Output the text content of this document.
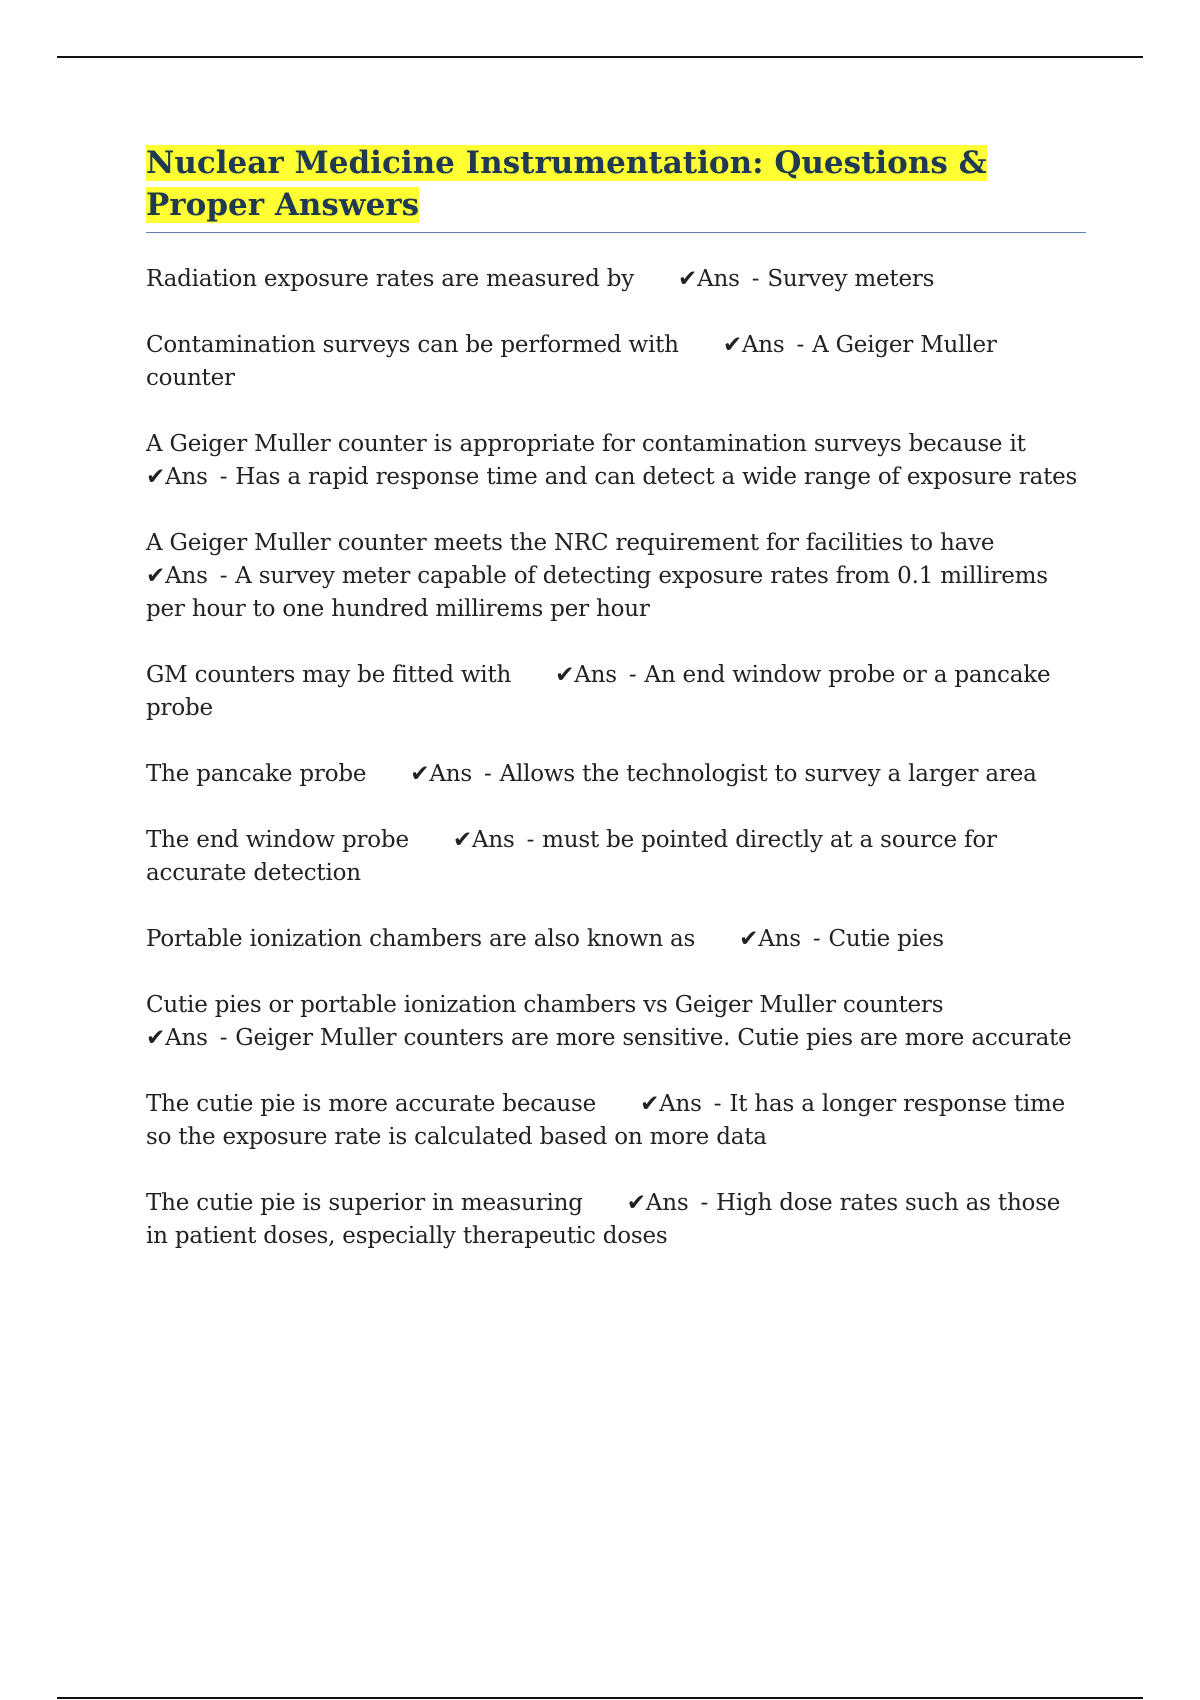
Nuclear Medicine Instrumentation: Questions & Proper Answers

Radiation exposure rates are measured by ✔Ans - Survey meters

Contamination surveys can be performed with ✔Ans - A Geiger Muller counter

A Geiger Muller counter is appropriate for contamination surveys because it
✔Ans - Has a rapid response time and can detect a wide range of exposure rates

A Geiger Muller counter meets the NRC requirement for facilities to have
✔Ans - A survey meter capable of detecting exposure rates from 0.1 millirems per hour to one hundred millirems per hour

GM counters may be fitted with ✔Ans - An end window probe or a pancake probe

The pancake probe ✔Ans - Allows the technologist to survey a larger area

The end window probe ✔Ans - must be pointed directly at a source for accurate detection

Portable ionization chambers are also known as ✔Ans - Cutie pies

Cutie pies or portable ionization chambers vs Geiger Muller counters
✔Ans - Geiger Muller counters are more sensitive. Cutie pies are more accurate

The cutie pie is more accurate because ✔Ans - It has a longer response time so the exposure rate is calculated based on more data

The cutie pie is superior in measuring ✔Ans - High dose rates such as those in patient doses, especially therapeutic doses
